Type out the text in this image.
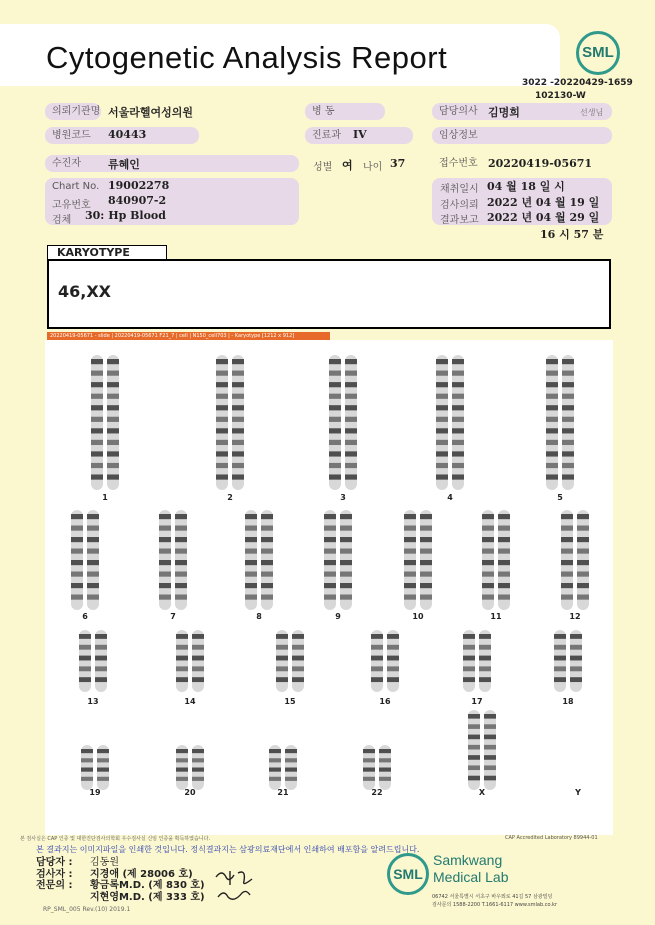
Cytogenetic Analysis Report	SML
3022 -20220429-1659
102130-W
의뢰기관명 서울라헬여성의원	병 동	담당의사 김명희	선생님
병원코드	40443	진료과	IV	임상정보
수진자	류혜인	성별 여 나이 37	접수번호 20220419-05671
Chart No. 19002278
고유번호 840907-2
검체 30: Hp Blood
채취일시 04 월 18 일 시
검사의뢰 2022 년 04 월 19 일
결과보고 2022 년 04 월 29 일
16 시 57 분
KARYOTYPE
46,XX
20220419-05671 - slide | 20220419-05671 F21_7 | cell | N150_cell703 | - Karyotype [1212 x 912]
1	2	3	4	5
6	7	8	9	10	11	12
13	14	15	16	17	18
19	20	21	22	X	Y
본 검사실은 CAP 인증 및 대한진단검사의학회 우수검사실 신임 인증을 획득하였습니다.	CAP Accredited Laboratory 89944-01
본 결과지는 이미지파일을 인쇄한 것입니다. 정식결과지는 삼광의료재단에서 인쇄하여 배포함을 알려드립니다.
담당자 : 김동원
검사자 : 지경애 (제 28006 호)
전문의 : 황금록M.D. (제 830 호)
지현영M.D. (제 333 호)
RP_SML_005 Rev.(10) 2019.1
SML
Samkwang
Medical Lab
06742 서울특별시 서초구 바우뫼로 41길 57 삼광빌딩
검사문의 1588-2200 T.1661-6117 www.smlab.co.kr
